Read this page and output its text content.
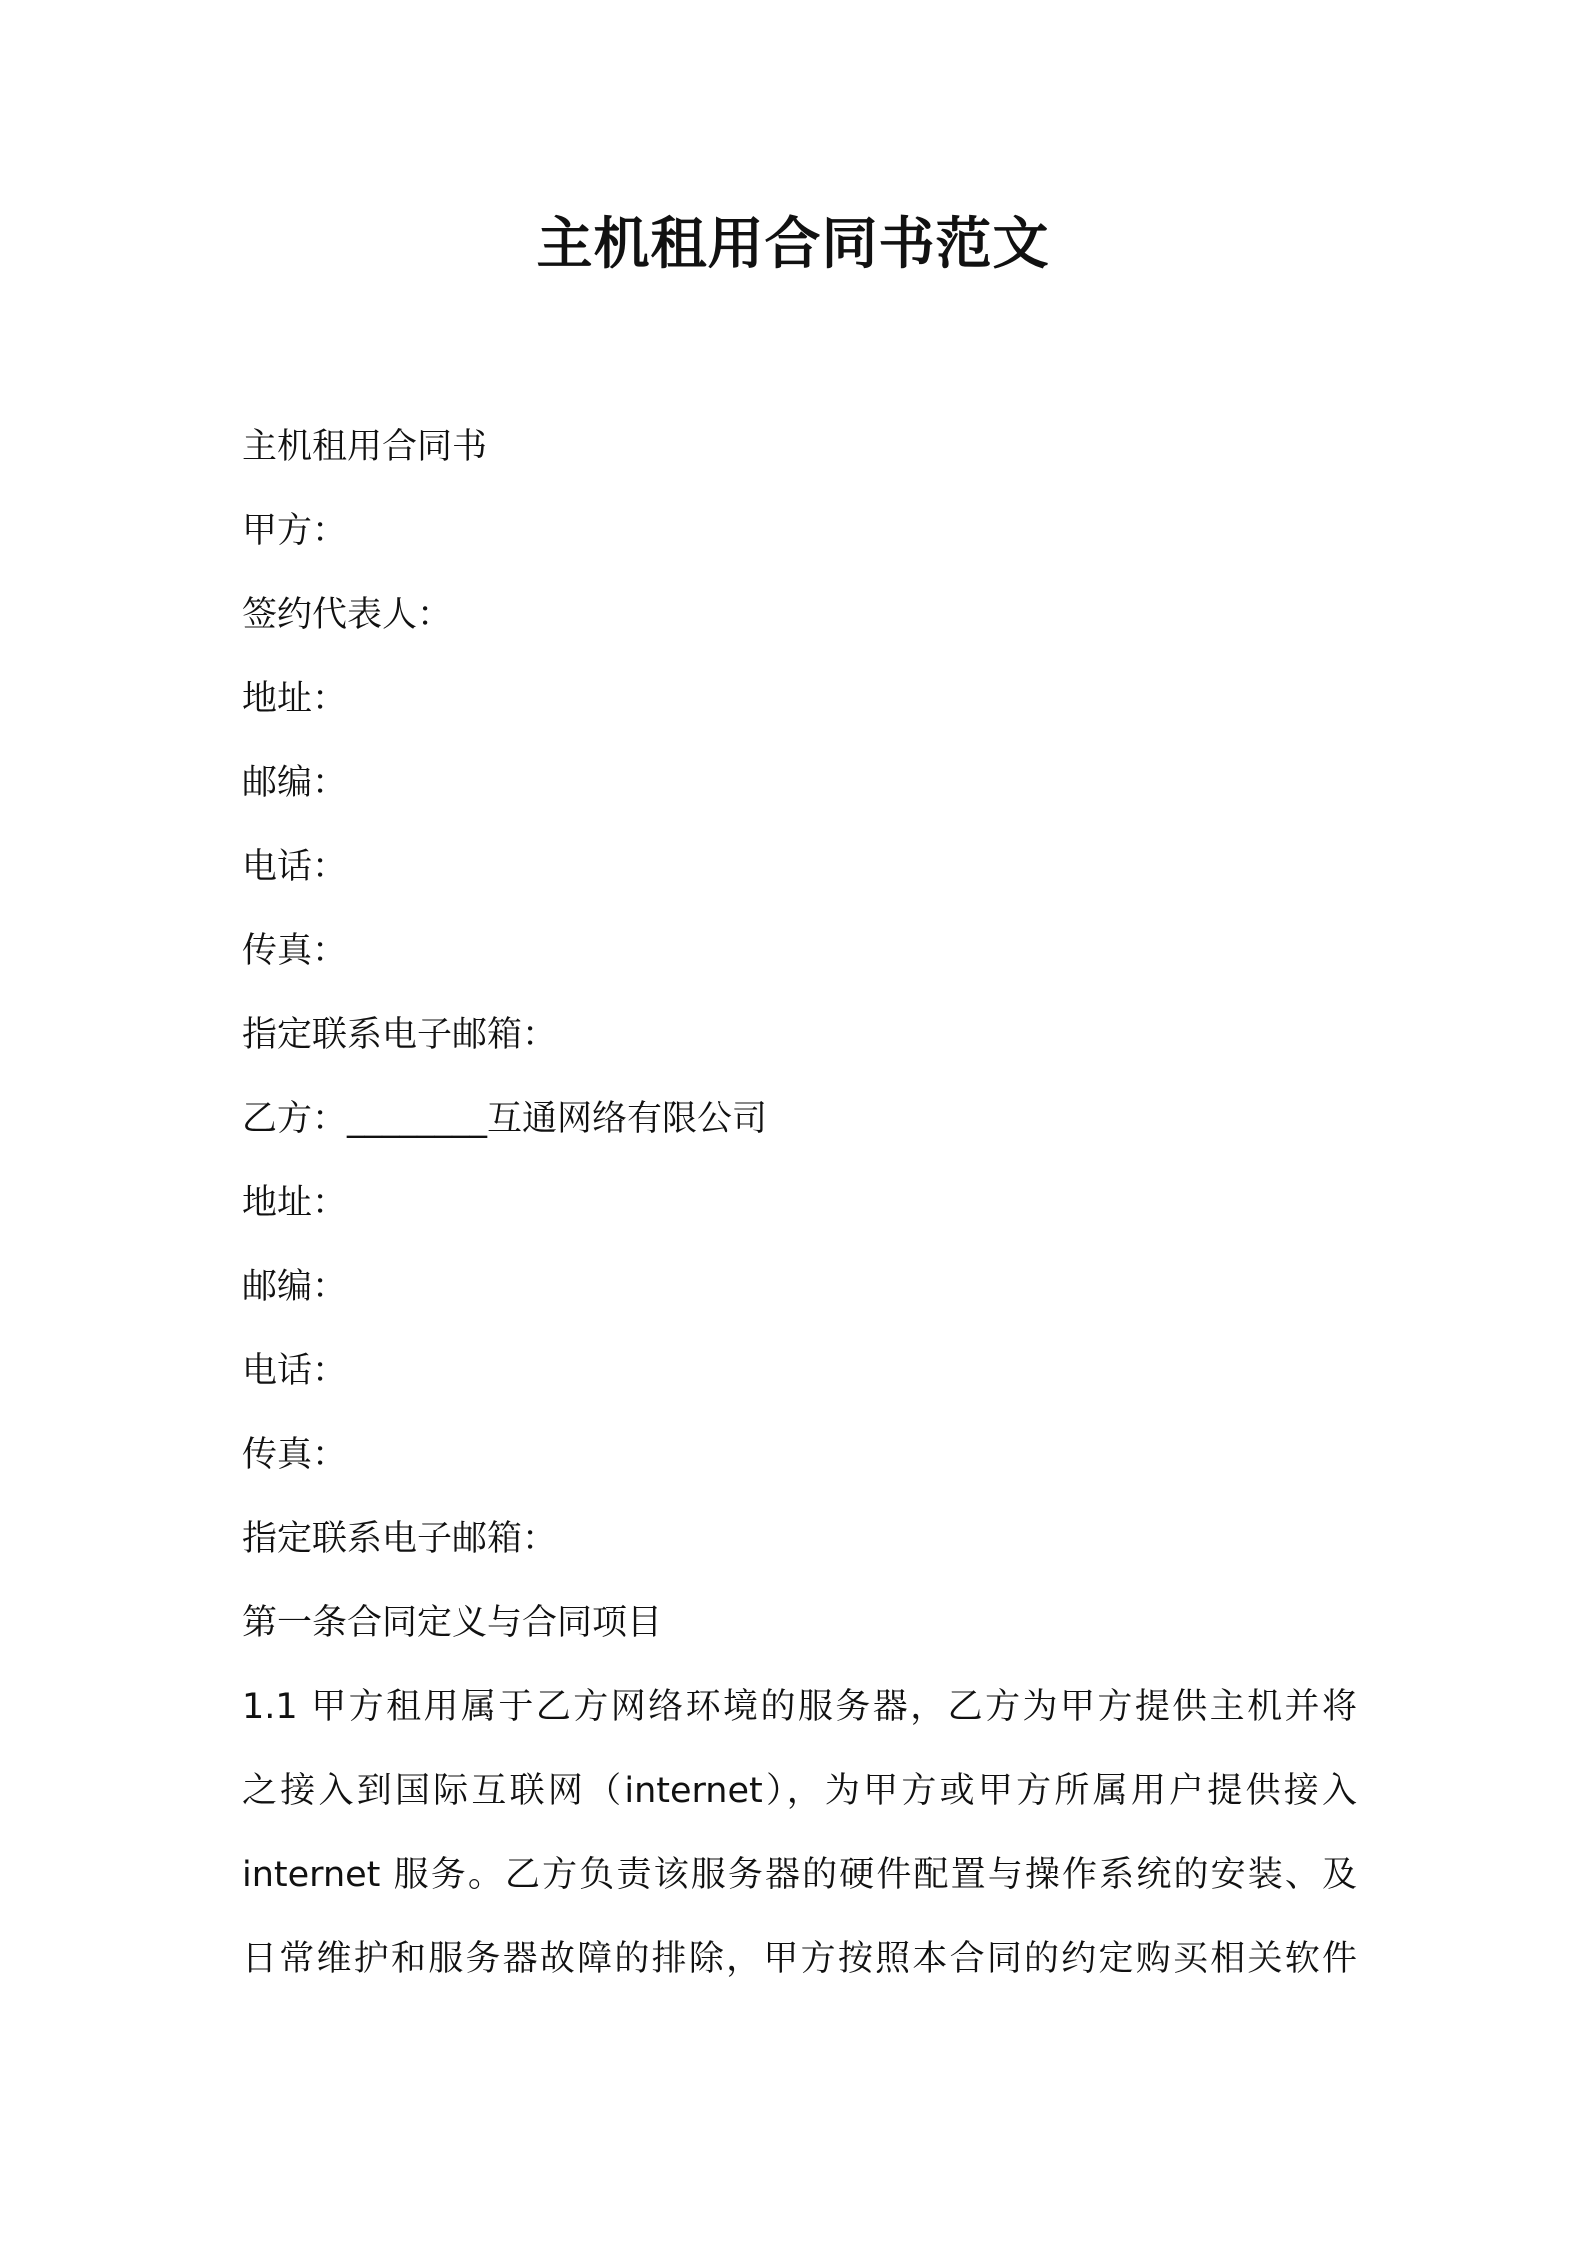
主机租用合同书范文

主机租用合同书

甲方：

签约代表人：

地址：

邮编：

电话：

传真：

指定联系电子邮箱：

乙方：________互通网络有限公司

地址：

邮编：

电话：

传真：

指定联系电子邮箱：

第一条合同定义与合同项目

1.1 甲方租用属于乙方网络环境的服务器，乙方为甲方提供主机并将
之接入到国际互联网（internet），为甲方或甲方所属用户提供接入
internet 服务。乙方负责该服务器的硬件配置与操作系统的安装、及
日常维护和服务器故障的排除，甲方按照本合同的约定购买相关软件
